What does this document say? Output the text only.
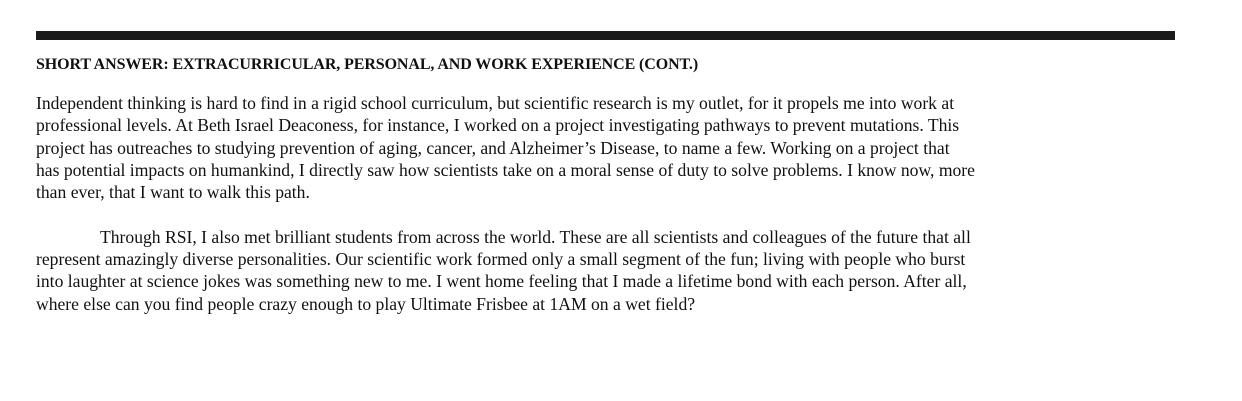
SHORT ANSWER: EXTRACURRICULAR, PERSONAL, AND WORK EXPERIENCE (CONT.)

Independent thinking is hard to find in a rigid school curriculum, but scientific research is my outlet, for it propels me into work at

professional levels. At Beth Israel Deaconess, for instance, I worked on a project investigating pathways to prevent mutations. This

project has outreaches to studying prevention of aging, cancer, and Alzheimer’s Disease, to name a few. Working on a project that

has potential impacts on humankind, I directly saw how scientists take on a moral sense of duty to solve problems. I know now, more

than ever, that I want to walk this path.

Through RSI, I also met brilliant students from across the world. These are all scientists and colleagues of the future that all

represent amazingly diverse personalities. Our scientific work formed only a small segment of the fun; living with people who burst

into laughter at science jokes was something new to me. I went home feeling that I made a lifetime bond with each person. After all,

where else can you find people crazy enough to play Ultimate Frisbee at 1AM on a wet field?
